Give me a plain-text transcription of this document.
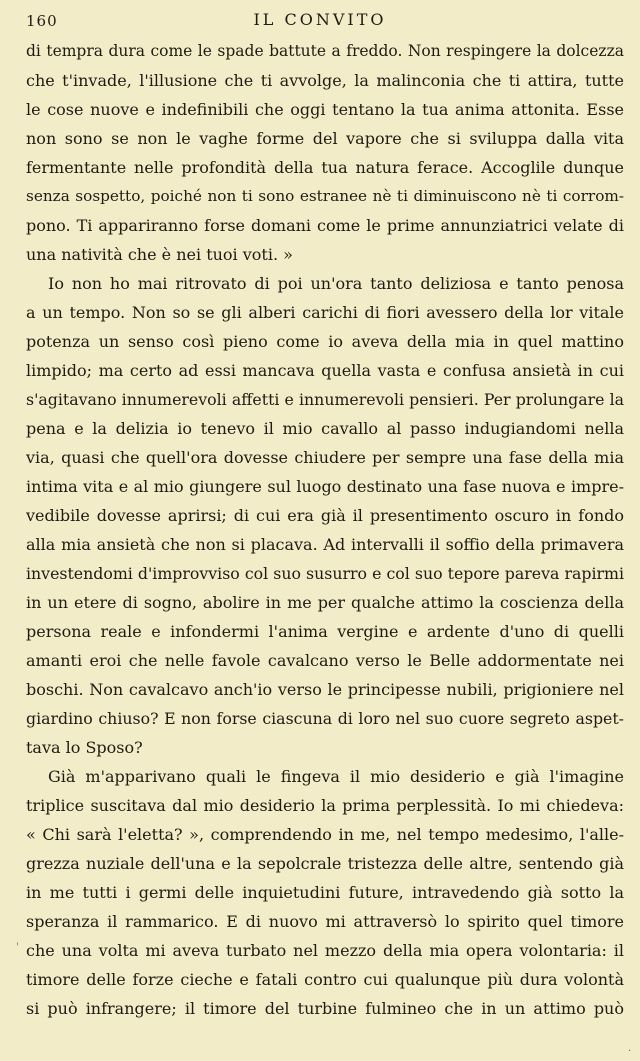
160	IL CONVITO
di tempra dura come le spade battute a freddo. Non respingere la dolcezza
che t'invade, l'illusione che ti avvolge, la malinconia che ti attira, tutte
le cose nuove e indefinibili che oggi tentano la tua anima attonita. Esse
non sono se non le vaghe forme del vapore che si sviluppa dalla vita
fermentante nelle profondità della tua natura ferace. Accoglile dunque
senza sospetto, poiché non ti sono estranee nè ti diminuiscono nè ti corrom-
pono. Ti appariranno forse domani come le prime annunziatrici velate di
una natività che è nei tuoi voti. »
Io non ho mai ritrovato di poi un'ora tanto deliziosa e tanto penosa
a un tempo. Non so se gli alberi carichi di fiori avessero della lor vitale
potenza un senso così pieno come io aveva della mia in quel mattino
limpido; ma certo ad essi mancava quella vasta e confusa ansietà in cui
s'agitavano innumerevoli affetti e innumerevoli pensieri. Per prolungare la
pena e la delizia io tenevo il mio cavallo al passo indugiandomi nella
via, quasi che quell'ora dovesse chiudere per sempre una fase della mia
intima vita e al mio giungere sul luogo destinato una fase nuova e impre-
vedibile dovesse aprirsi; di cui era già il presentimento oscuro in fondo
alla mia ansietà che non si placava. Ad intervalli il soffio della primavera
investendomi d'improvviso col suo susurro e col suo tepore pareva rapirmi
in un etere di sogno, abolire in me per qualche attimo la coscienza della
persona reale e infondermi l'anima vergine e ardente d'uno di quelli
amanti eroi che nelle favole cavalcano verso le Belle addormentate nei
boschi. Non cavalcavo anch'io verso le principesse nubili, prigioniere nel
giardino chiuso? E non forse ciascuna di loro nel suo cuore segreto aspet-
tava lo Sposo?
Già m'apparivano quali le fingeva il mio desiderio e già l'imagine
triplice suscitava dal mio desiderio la prima perplessità. Io mi chiedeva:
« Chi sarà l'eletta? », comprendendo in me, nel tempo medesimo, l'alle-
grezza nuziale dell'una e la sepolcrale tristezza delle altre, sentendo già
in me tutti i germi delle inquietudini future, intravedendo già sotto la
speranza il rammarico. E di nuovo mi attraversò lo spirito quel timore
che una volta mi aveva turbato nel mezzo della mia opera volontaria: il
timore delle forze cieche e fatali contro cui qualunque più dura volontà
si può infrangere; il timore del turbine fulmineo che in un attimo può
'
·
